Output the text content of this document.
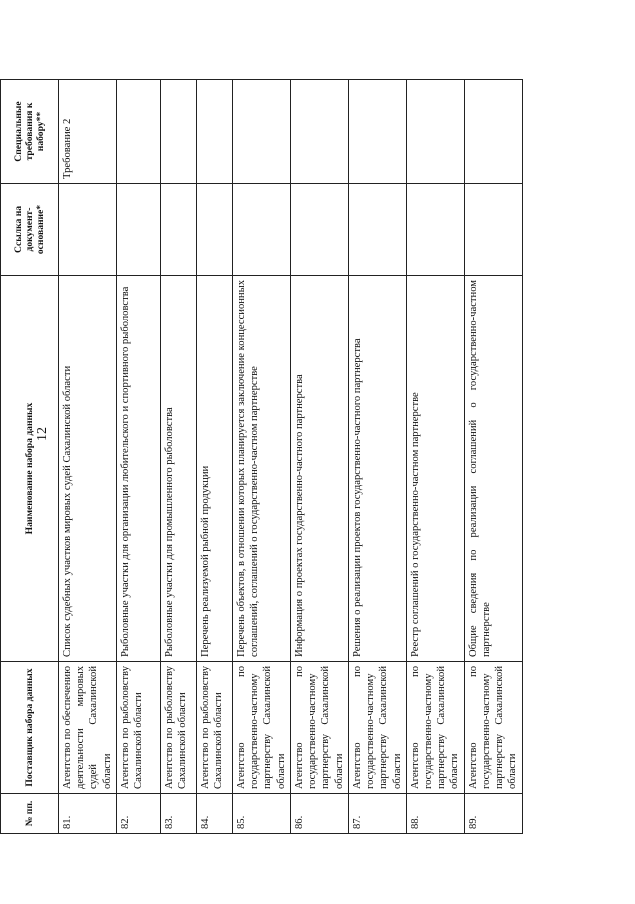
12
№ пп.	Поставщик набора данных	Наименование набора данных	Ссылка на документ-основание*	Специальные требования к набору**
81.	Агентство по обеспечению деятельности мировых судей Сахалинской области	Список судебных участков мировых судей Сахалинской области		Требование 2
82.	Агентство по рыболовству Сахалинской области	Рыболовные участки для организации любительского и спортивного рыболовства		
83.	Агентство по рыболовству Сахалинской области	Рыболовные участки для промышленного рыболовства		
84.	Агентство по рыболовству Сахалинской области	Перечень реализуемой рыбной продукции		
85.	Агентство по государственно-частному партнерству Сахалинской области	Перечень объектов, в отношении которых планируется заключение концессионных соглашений, соглашений о государственно-частном партнерстве		
86.	Агентство по государственно-частному партнерству Сахалинской области	Информация о проектах государственно-частного партнерства		
87.	Агентство по государственно-частному партнерству Сахалинской области	Решения о реализации проектов государственно-частного партнерства		
88.	Агентство по государственно-частному партнерству Сахалинской области	Реестр соглашений о государственно-частном партнерстве		
89.	Агентство по государственно-частному партнерству Сахалинской области	Общие сведения по реализации соглашений о государственно-частном партнерстве		
